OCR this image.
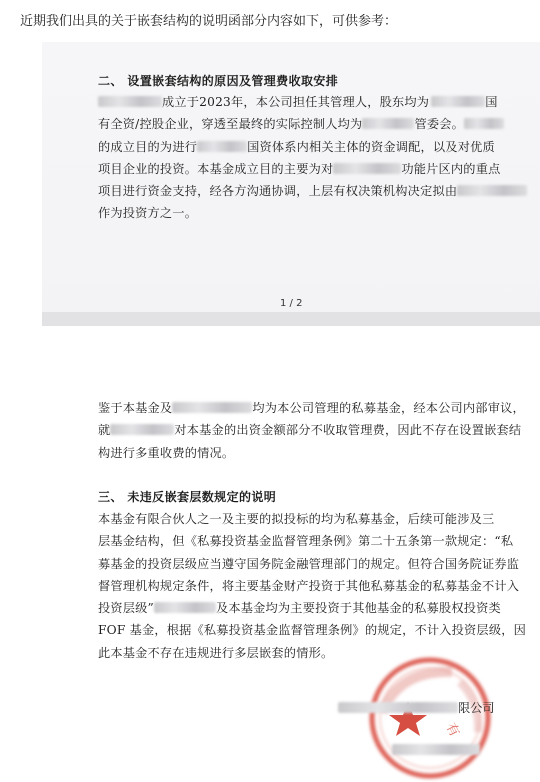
近期我们出具的关于嵌套结构的说明函部分内容如下，可供参考：
二、 设置嵌套结构的原因及管理费收取安排
成立于2023年，本公司担任其管理人，股东均为	国
有全资/控股企业，穿透至最终的实际控制人均为	管委会。
的成立目的为进行	国资体系内相关主体的资金调配，以及对优质
项目企业的投资。本基金成立目的主要为对	功能片区内的重点
项目进行资金支持，经各方沟通协调，上层有权决策机构决定拟由
作为投资方之一。
1 / 2
鉴于本基金及	均为本公司管理的私募基金，经本公司内部审议，
就	对本基金的出资金额部分不收取管理费，因此不存在设置嵌套结
构进行多重收费的情况。
三、 未违反嵌套层数规定的说明
本基金有限合伙人之一及主要的拟投标的均为私募基金，后续可能涉及三
层基金结构，但《私募投资基金监督管理条例》第二十五条第一款规定：“私
募基金的投资层级应当遵守国务院金融管理部门的规定。但符合国务院证券监
督管理机构规定条件，将主要基金财产投资于其他私募基金的私募基金不计入
投资层级”	及本基金均为主要投资于其他基金的私募股权投资类
FOF 基金，根据《私募投资基金监督管理条例》的规定，不计入投资层级，因
此本基金不存在违规进行多层嵌套的情形。
有
限公司
